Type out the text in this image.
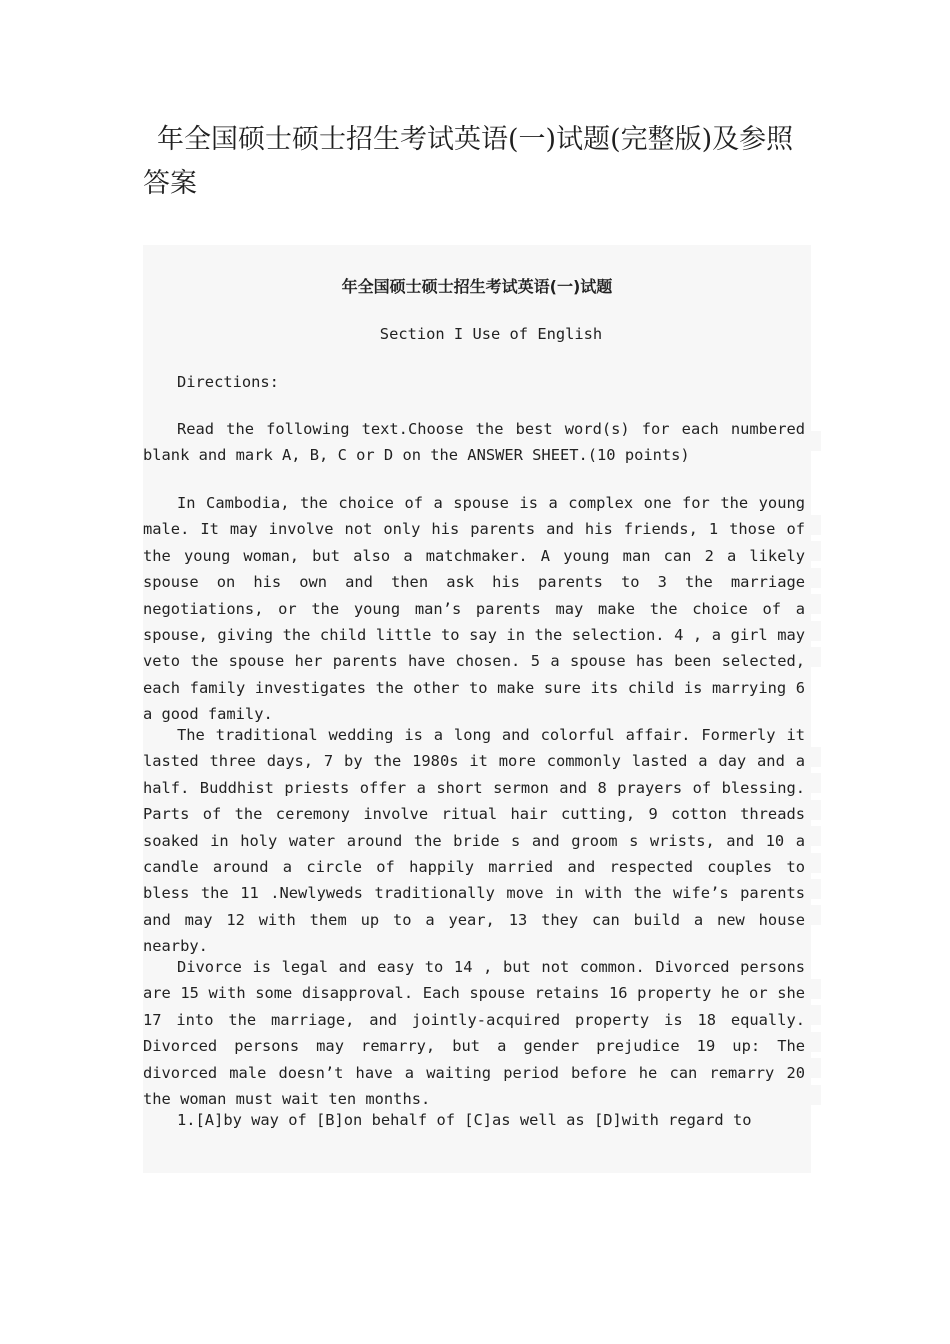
年全国硕士硕士招生考试英语(一)试题(完整版)及参照答案
年全国硕士硕士招生考试英语(一)试题

Section I Use of English

Directions:

Read the following text.Choose the best word(s) for each numbered blank and mark A, B, C or D on the ANSWER SHEET.(10 points)

In Cambodia, the choice of a spouse is a complex one for the young male. It may involve not only his parents and his friends, 1 those of the young woman, but also a matchmaker. A young man can 2 a likely spouse on his own and then ask his parents to 3 the marriage negotiations, or the young man’s parents may make the choice of a spouse, giving the child little to say in the selection. 4 , a girl may veto the spouse her parents have chosen. 5 a spouse has been selected, each family investigates the other to make sure its child is marrying 6 a good family.

The traditional wedding is a long and colorful affair. Formerly it lasted three days, 7 by the 1980s it more commonly lasted a day and a half. Buddhist priests offer a short sermon and 8 prayers of blessing. Parts of the ceremony involve ritual hair cutting, 9 cotton threads soaked in holy water around the bride s and groom s wrists, and 10 a candle around a circle of happily married and respected couples to bless the 11 .Newlyweds traditionally move in with the wife’s parents and may 12 with them up to a year, 13 they can build a new house nearby.

Divorce is legal and easy to 14 , but not common. Divorced persons are 15 with some disapproval. Each spouse retains 16 property he or she 17 into the marriage, and jointly-acquired property is 18 equally. Divorced persons may remarry, but a gender prejudice 19 up: The divorced male doesn’t have a waiting period before he can remarry 20 the woman must wait ten months.

1.[A]by way of [B]on behalf of [C]as well as [D]with regard to
